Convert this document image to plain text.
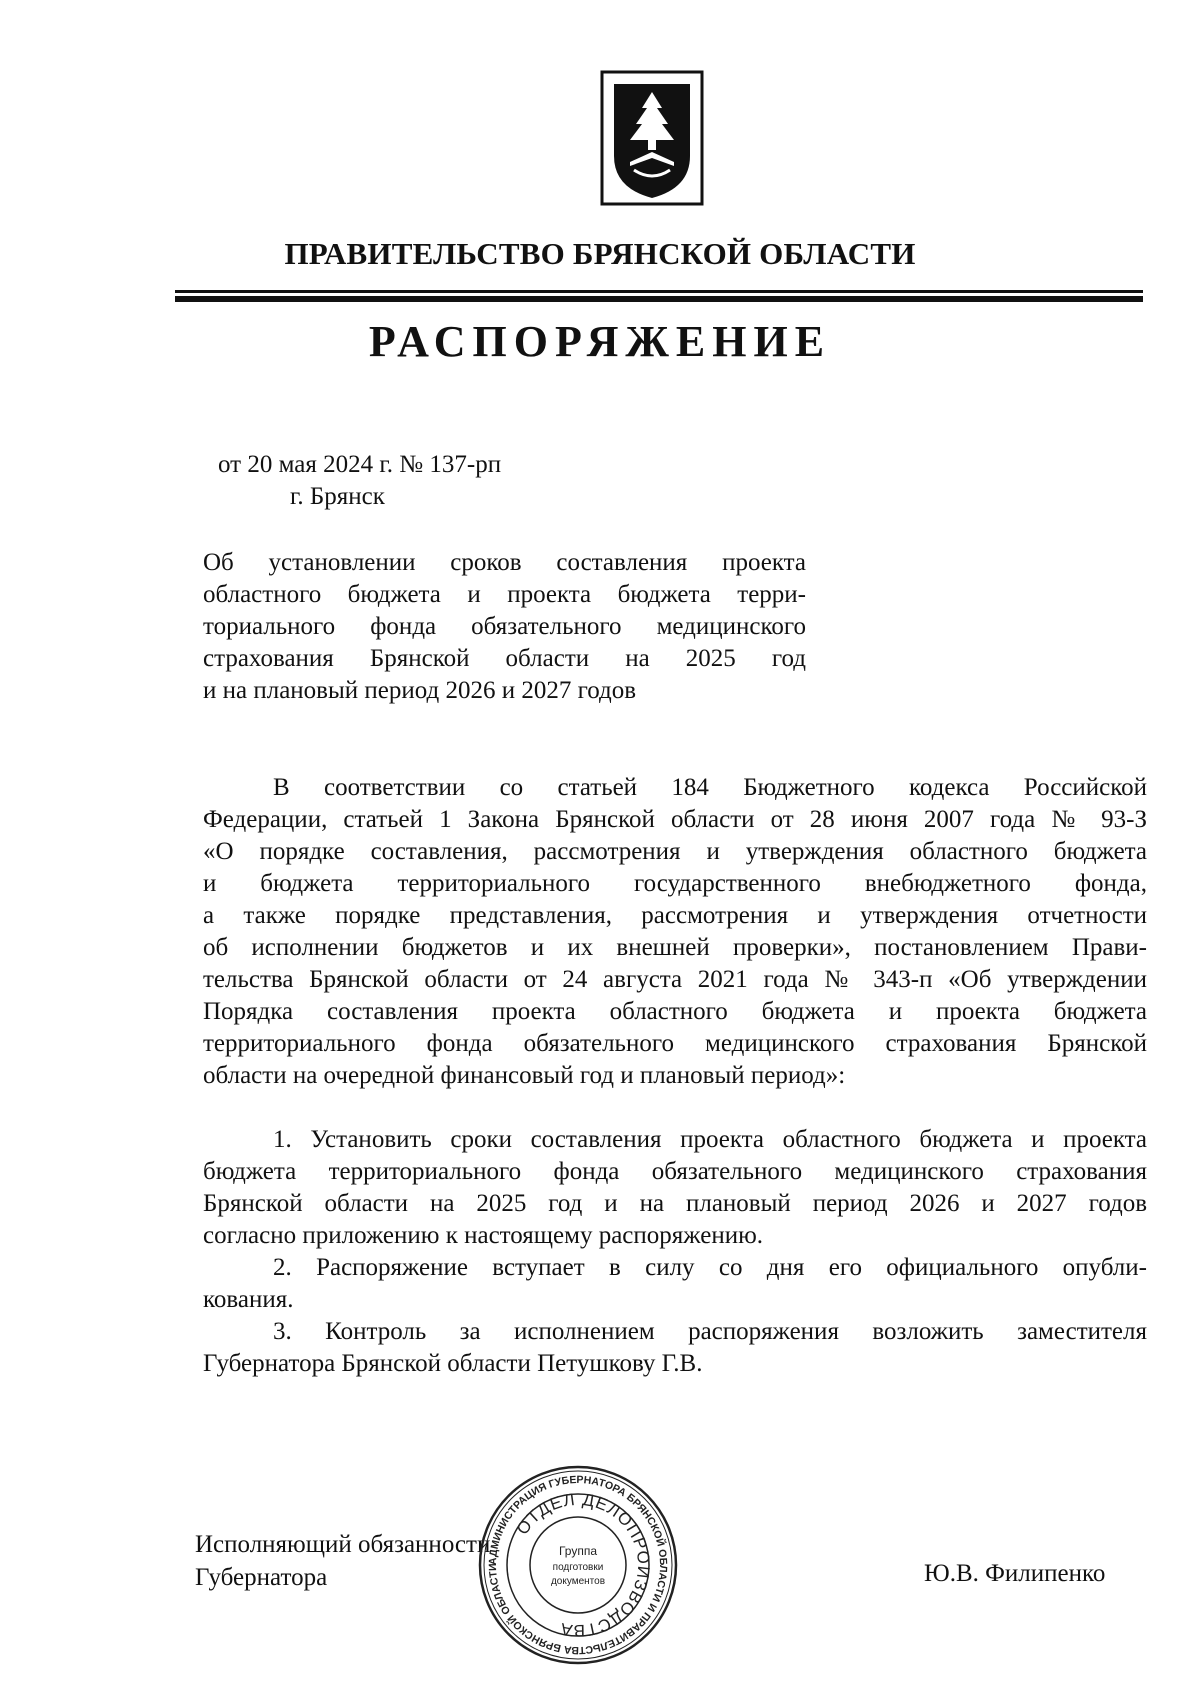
ПРАВИТЕЛЬСТВО БРЯНСКОЙ ОБЛАСТИ
РАСПОРЯЖЕНИЕ
от 20 мая 2024 г. № 137-рп
г. Брянск
Об установлении сроков составления проекта
областного бюджета и проекта бюджета терри-
ториального фонда обязательного медицинского
страхования Брянской области на 2025 год
и на плановый период 2026 и 2027 годов
В соответствии со статьей 184 Бюджетного кодекса Российской
Федерации, статьей 1 Закона Брянской области от 28 июня 2007 года № 93-З
«О порядке составления, рассмотрения и утверждения областного бюджета
и бюджета территориального государственного внебюджетного фонда,
а также порядке представления, рассмотрения и утверждения отчетности
об исполнении бюджетов и их внешней проверки», постановлением Прави-
тельства Брянской области от 24 августа 2021 года № 343-п «Об утверждении
Порядка составления проекта областного бюджета и проекта бюджета
территориального фонда обязательного медицинского страхования Брянской
области на очередной финансовый год и плановый период»:
1. Установить сроки составления проекта областного бюджета и проекта
бюджета территориального фонда обязательного медицинского страхования
Брянской области на 2025 год и на плановый период 2026 и 2027 годов
согласно приложению к настоящему распоряжению.
2. Распоряжение вступает в силу со дня его официального опубли-
кования.
3. Контроль за исполнением распоряжения возложить заместителя
Губернатора Брянской области Петушкову Г.В.
Исполняющий обязанности
Губернатора	Ю.В. Филипенко
АДМИНИСТРАЦИЯ ГУБЕРНАТОРА БРЯНСКОЙ ОБЛАСТИ И ПРАВИТЕЛЬСТВА БРЯНСКОЙ ОБЛАСТИ
ОТДЕЛ ДЕЛОПРОИЗВОДСТВА
Группа
подготовки
документов
